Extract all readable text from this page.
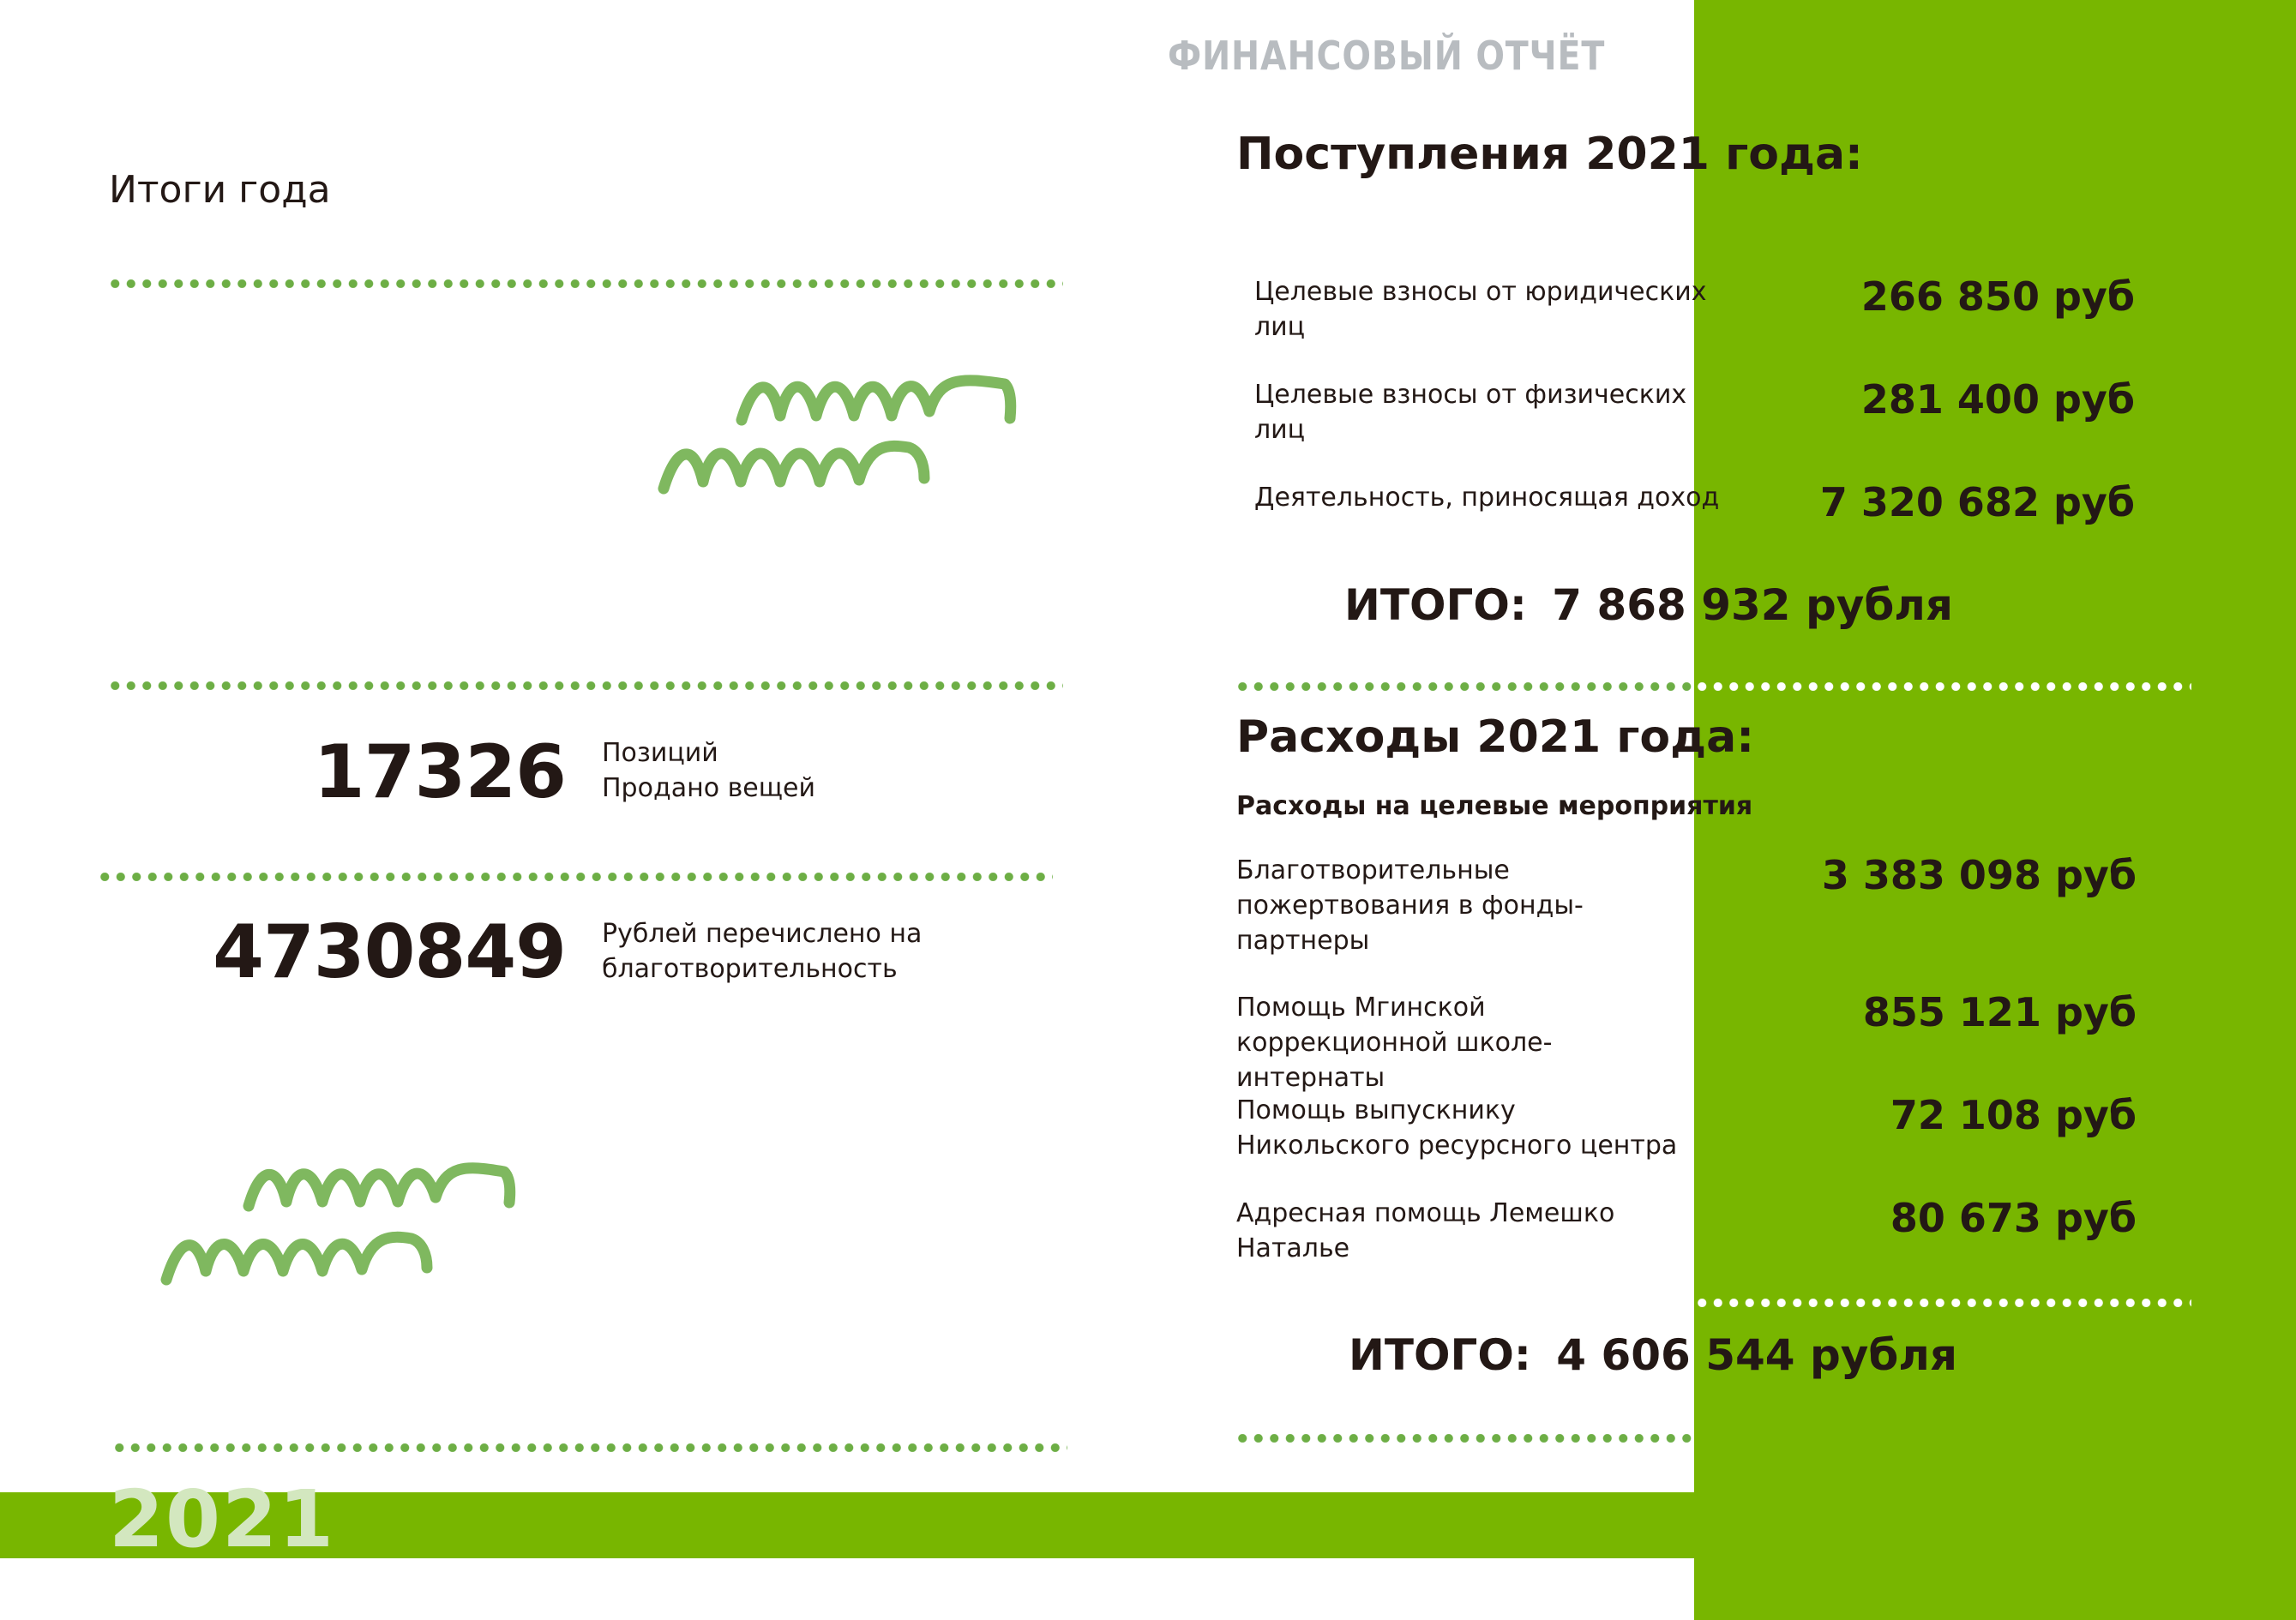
2021
ФИНАНСОВЫЙ ОТЧЁТ
Итоги года
17326 Позиций
Продано вещей
4730849 Рублей перечислено на
благотворительность
Поступления 2021 года:
Целевые взносы от юридических лиц
266 850 руб
Целевые взносы от физических лиц
281 400 руб
Деятельность, приносящая доход	7 320 682 руб
ИТОГО: 7 868 932 рубля
Расходы 2021 года:
Расходы на целевые мероприятия
Благотворительные пожертвования в фонды-партнеры
3 383 098 руб
Помощь Мгинской коррекционной школе-интернаты
855 121 руб
Помощь выпускнику Никольского ресурсного центра
72 108 руб
Адресная помощь Лемешко Наталье
80 673 руб
ИТОГО: 4 606 544 рубля
